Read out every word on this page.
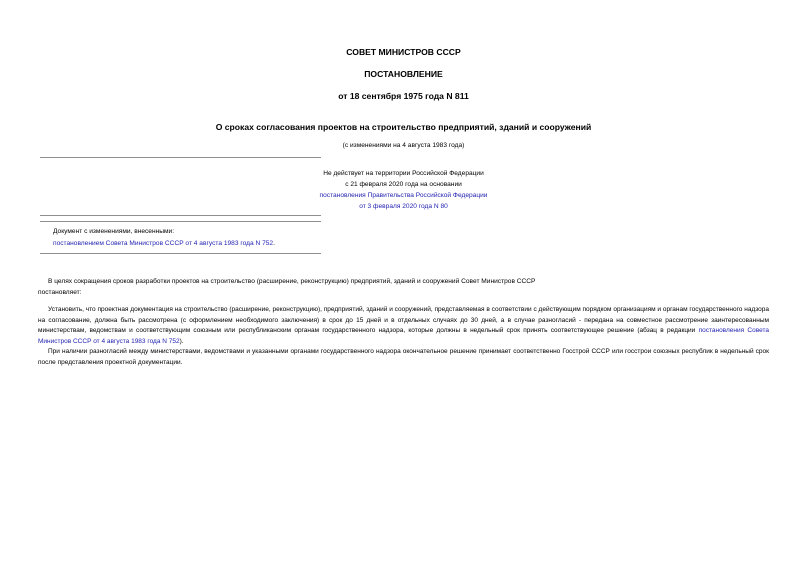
СОВЕТ МИНИСТРОВ СССР
ПОСТАНОВЛЕНИЕ
от 18 сентября 1975 года N 811
О сроках согласования проектов на строительство предприятий, зданий и сооружений
(с изменениями на 4 августа 1983 года)
Не действует на территории Российской Федерации
с 21 февраля 2020 года на основании
постановления Правительства Российской Федерации
от 3 февраля 2020 года N 80
Документ с изменениями, внесенными:
постановлением Совета Министров СССР от 4 августа 1983 года N 752.
В целях сокращения сроков разработки проектов на строительство (расширение, реконструкцию) предприятий, зданий и сооружений Совет Министров СССР
постановляет:
Установить, что проектная документация на строительство (расширение, реконструкцию), предприятий, зданий и сооружений, представляемая в соответствии с действующим порядком организациям и органам государственного надзора на согласование, должна быть рассмотрена (с оформлением необходимого заключения) в срок до 15 дней и в отдельных случаях до 30 дней, а в случае разногласий - передана на совместное рассмотрение заинтересованным министерствам, ведомствам и соответствующим союзным или республиканским органам государственного надзора, которые должны в недельный срок принять соответствующее решение (абзац в редакции постановления Совета Министров СССР от 4 августа 1983 года N 752).
При наличии разногласий между министерствами, ведомствами и указанными органами государственного надзора окончательное решение принимает соответственно Госстрой СССР или госстрои союзных республик в недельный срок после представления проектной документации.
